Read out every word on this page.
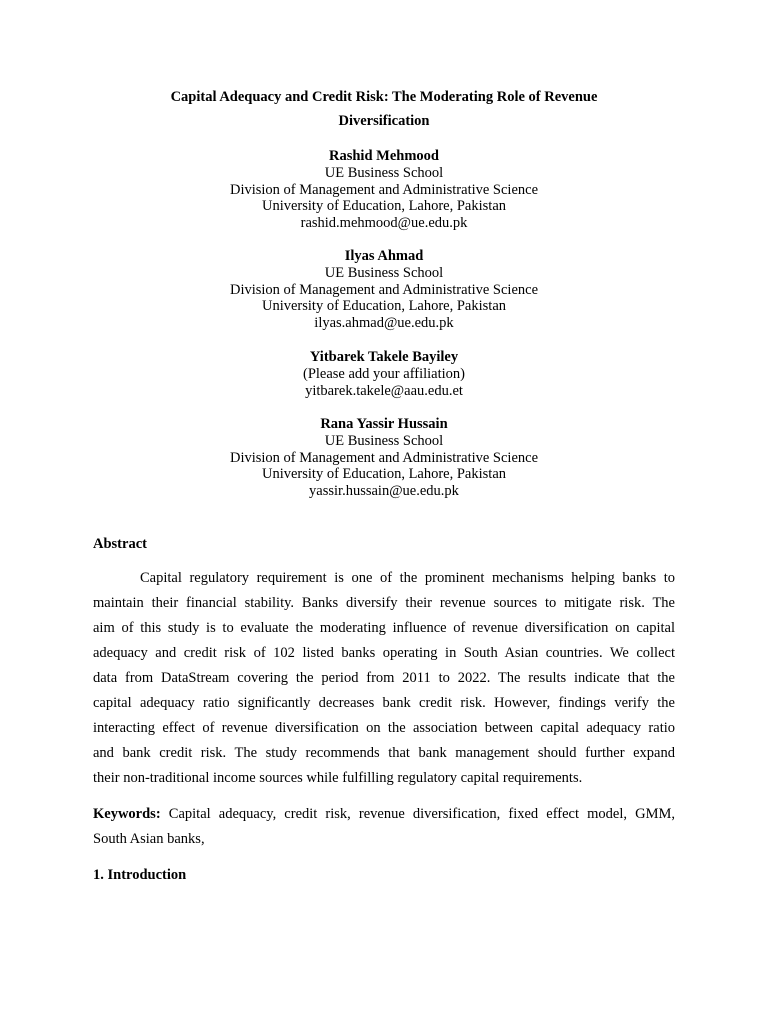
Capital Adequacy and Credit Risk: The Moderating Role of Revenue
Diversification
Rashid Mehmood
UE Business School
Division of Management and Administrative Science
University of Education, Lahore, Pakistan
rashid.mehmood@ue.edu.pk
Ilyas Ahmad
UE Business School
Division of Management and Administrative Science
University of Education, Lahore, Pakistan
ilyas.ahmad@ue.edu.pk
Yitbarek Takele Bayiley
(Please add your affiliation)
yitbarek.takele@aau.edu.et
Rana Yassir Hussain
UE Business School
Division of Management and Administrative Science
University of Education, Lahore, Pakistan
yassir.hussain@ue.edu.pk
Abstract
Capital regulatory requirement is one of the prominent mechanisms helping banks to
maintain their financial stability. Banks diversify their revenue sources to mitigate risk. The
aim of this study is to evaluate the moderating influence of revenue diversification on capital
adequacy and credit risk of 102 listed banks operating in South Asian countries. We collect
data from DataStream covering the period from 2011 to 2022. The results indicate that the
capital adequacy ratio significantly decreases bank credit risk. However, findings verify the
interacting effect of revenue diversification on the association between capital adequacy ratio
and bank credit risk. The study recommends that bank management should further expand
their non-traditional income sources while fulfilling regulatory capital requirements.
Keywords: Capital adequacy, credit risk, revenue diversification, fixed effect model, GMM,
South Asian banks,
1. Introduction
